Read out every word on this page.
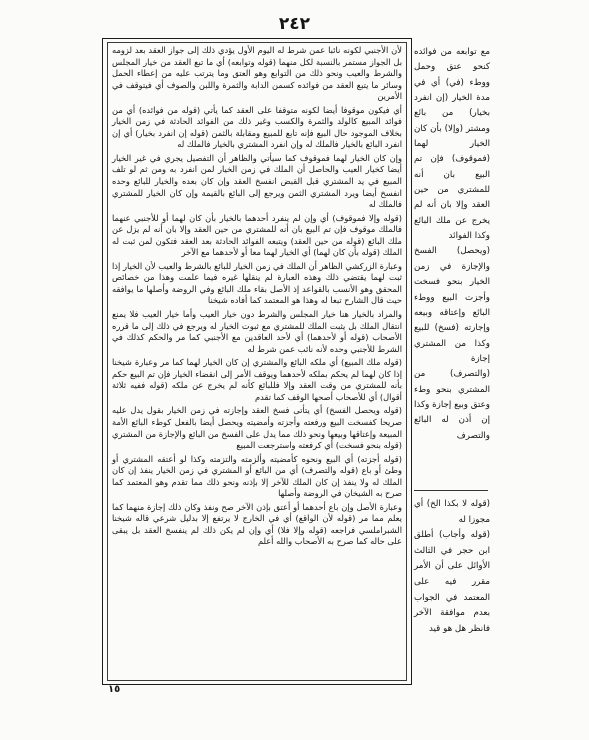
٢٤٢

لأن الأجنبي لكونه نائبا عمن شرط له اليوم الأول يؤدي ذلك إلى جواز العقد بعد لزومه بل الجواز مستمر بالنسبة لكل منهما (قوله وتوابعه) أي ما تبع العقد من خيار المجلس والشرط والعيب ونحو ذلك من التوابع وهو العتق وما يترتب عليه من إعطاء الحمل وسائر ما يتبع العقد من فوائده كسمن الدابة والثمرة واللبن والصوف أي فيتوقف في الأمرين

أي فيكون موقوفا أيضا لكونه متوقفا على العقد كما يأتي (قوله من فوائده) أي من فوائد المبيع كالولد والثمرة والكسب وغير ذلك من الفوائد الحادثة في زمن الخيار بخلاف الموجود حال البيع فإنه تابع للمبيع ومقابلة بالثمن (قوله إن انفرد بخيار) أي إن انفرد البائع بالخيار فالملك له وإن انفرد المشتري بالخيار فالملك له

وإن كان الخيار لهما فموقوف كما سيأتي والظاهر أن التفصيل يجري في غير الخيار أيضا كخيار العيب والحاصل أن الملك في زمن الخيار لمن انفرد به ومن ثم لو تلف المبيع في يد المشتري قبل القبض انفسخ العقد وإن كان بعده والخيار للبائع وحده انفسخ أيضا ويرد المشتري الثمن ويرجع إلى البائع بالقيمة وإن كان الخيار للمشتري فالملك له

(قوله وإلا فموقوف) أي وإن لم ينفرد أحدهما بالخيار بأن كان لهما أو للأجنبي عنهما فالملك موقوف فإن تم البيع بان أنه للمشتري من حين العقد وإلا بان أنه لم يزل عن ملك البائع (قوله من حين العقد) ويتبعه الفوائد الحادثة بعد العقد فتكون لمن ثبت له الملك (قوله بأن كان لهما) أي الخيار لهما معا أو لأحدهما مع الآخر

وعبارة الزركشي الظاهر أن الملك في زمن الخيار للبائع بالشرط والعيب لأن الخيار إذا ثبت لهما يقتضي ذلك وهذه العبارة لم ينقلها غيره فيما علمت وهذا من خصائص المحقق وهو الأنسب بالقواعد إذ الأصل بقاء ملك البائع وفي الروضة وأصلها ما يوافقه حيث قال الشارح تبعا له وهذا هو المعتمد كما أفاده شيخنا

والمراد بالخيار هنا خيار المجلس والشرط دون خيار العيب وأما خيار العيب فلا يمنع انتقال الملك بل يثبت الملك للمشتري مع ثبوت الخيار له ويرجع في ذلك إلى ما قرره الأصحاب (قوله أو لأحدهما) أي لأحد العاقدين مع الأجنبي كما مر والحكم كذلك في الشرط للأجنبي وحده لأنه نائب عمن شرط له

(قوله ملك المبيع) أي ملكه البائع والمشتري إن كان الخيار لهما كما مر وعبارة شيخنا إذا كان لهما لم يحكم بملكه لأحدهما ويوقف الأمر إلى انقضاء الخيار فإن تم البيع حكم بأنه للمشتري من وقت العقد وإلا فللبائع كأنه لم يخرج عن ملكه (قوله ففيه ثلاثة أقوال) أي للأصحاب أصحها الوقف كما تقدم

(قوله ويحصل الفسخ) أي يتأتى فسخ العقد وإجازته في زمن الخيار بقول يدل عليه صريحا كفسخت البيع ورفعته وأجزته وأمضيته ويحصل أيضا بالفعل كوطء البائع الأمة المبيعة وإعتاقها وبيعها ونحو ذلك مما يدل على الفسخ من البائع والإجازة من المشتري (قوله بنحو فسخت) أي كرفعته واسترجعت المبيع

(قوله أجزته) أي البيع ونحوه كأمضيته وألزمته والتزمته وكذا لو أعتقه المشتري أو وطئ أو باع (قوله والتصرف) أي من البائع أو المشتري في زمن الخيار ينفذ إن كان الملك له ولا ينفذ إن كان الملك للآخر إلا بإذنه ونحو ذلك مما تقدم وهو المعتمد كما صرح به الشيخان في الروضة وأصلها

وعبارة الأصل وإن باع أحدهما أو أعتق بإذن الآخر صح ونفذ وكان ذلك إجازة منهما كما يعلم مما مر (قوله لأن الواقع) أي في الخارج لا يرتفع إلا بدليل شرعي قاله شيخنا الشبراملسي فراجعه (قوله وإلا فلا) أي وإن لم يكن ذلك لم ينفسخ العقد بل يبقى على حاله كما صرح به الأصحاب والله أعلم

مع توابعه من فوائده كنحو عتق وحمل ووطء (في) أي في مدة الخيار (إن انفرد بخيار) من بائع ومشتر (وإلا) بأن كان الخيار لهما (فموقوف) فإن تم البيع بان أنه للمشتري من حين العقد وإلا بان أنه لم يخرج عن ملك البائع وكذا الفوائد

(ويحصل) الفسخ والإجازة في زمن الخيار بنحو فسخت وأجزت البيع ووطء البائع وإعتاقه وبيعه وإجارته (فسخ) للبيع وكذا من المشتري إجازة

(والتصرف) من المشتري بنحو وطء وعتق وبيع إجازة وكذا إن أذن له البائع والتصرف

(قوله لا بكذا الخ) أي مجوزا له

(قوله وأجاب) أطلق ابن حجر في الثالث الأوائل على أن الأمر مقرر فيه على المعتمد في الجواب بعدم موافقة الآخر فانظر هل هو قيد

١٥
